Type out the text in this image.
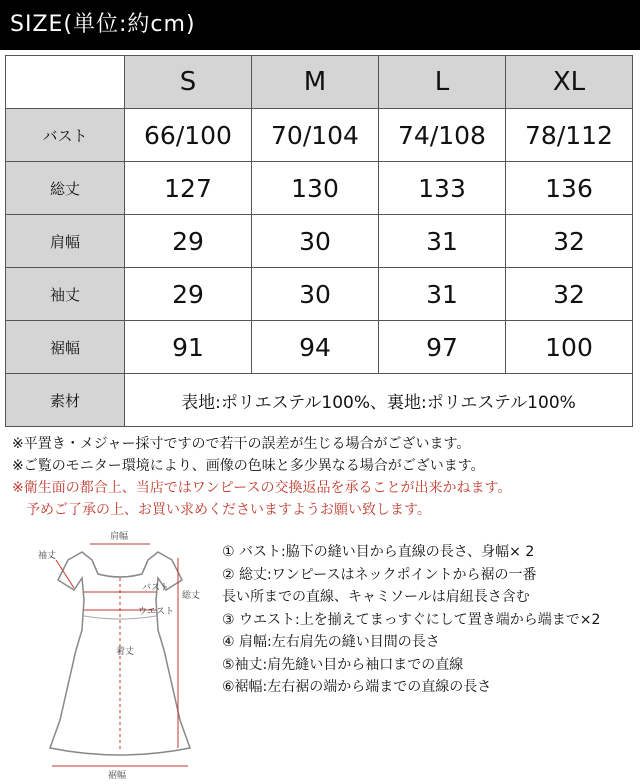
SIZE(単位:約cm)
	S	M	L	XL
バスト	66/100	70/104	74/108	78/112
総丈	127	130	133	136
肩幅	29	30	31	32
袖丈	29	30	31	32
裾幅	91	94	97	100
素材	表地:ポリエステル100%、裏地:ポリエステル100%			
※平置き・メジャー採寸ですので若干の誤差が生じる場合がございます。
※ご覧のモニター環境により、画像の色味と多少異なる場合がございます。
※衛生面の都合上、当店ではワンピースの交換返品を承ることが出来かねます。
予めご了承の上、お買い求めくださいますようお願い致します。
肩幅
袖丈
バスト
ウエスト
総丈
着丈
裾幅
① バスト:脇下の縫い目から直線の長さ、身幅× 2
② 総丈:ワンピースはネックポイントから裾の一番
長い所までの直線、キャミソールは肩紐長さ含む
③ ウエスト:上を揃えてまっすぐにして置き端から端まで×2
④ 肩幅:左右肩先の縫い目間の長さ
⑤袖丈:肩先縫い目から袖口までの直線
⑥裾幅:左右裾の端から端までの直線の長さ
